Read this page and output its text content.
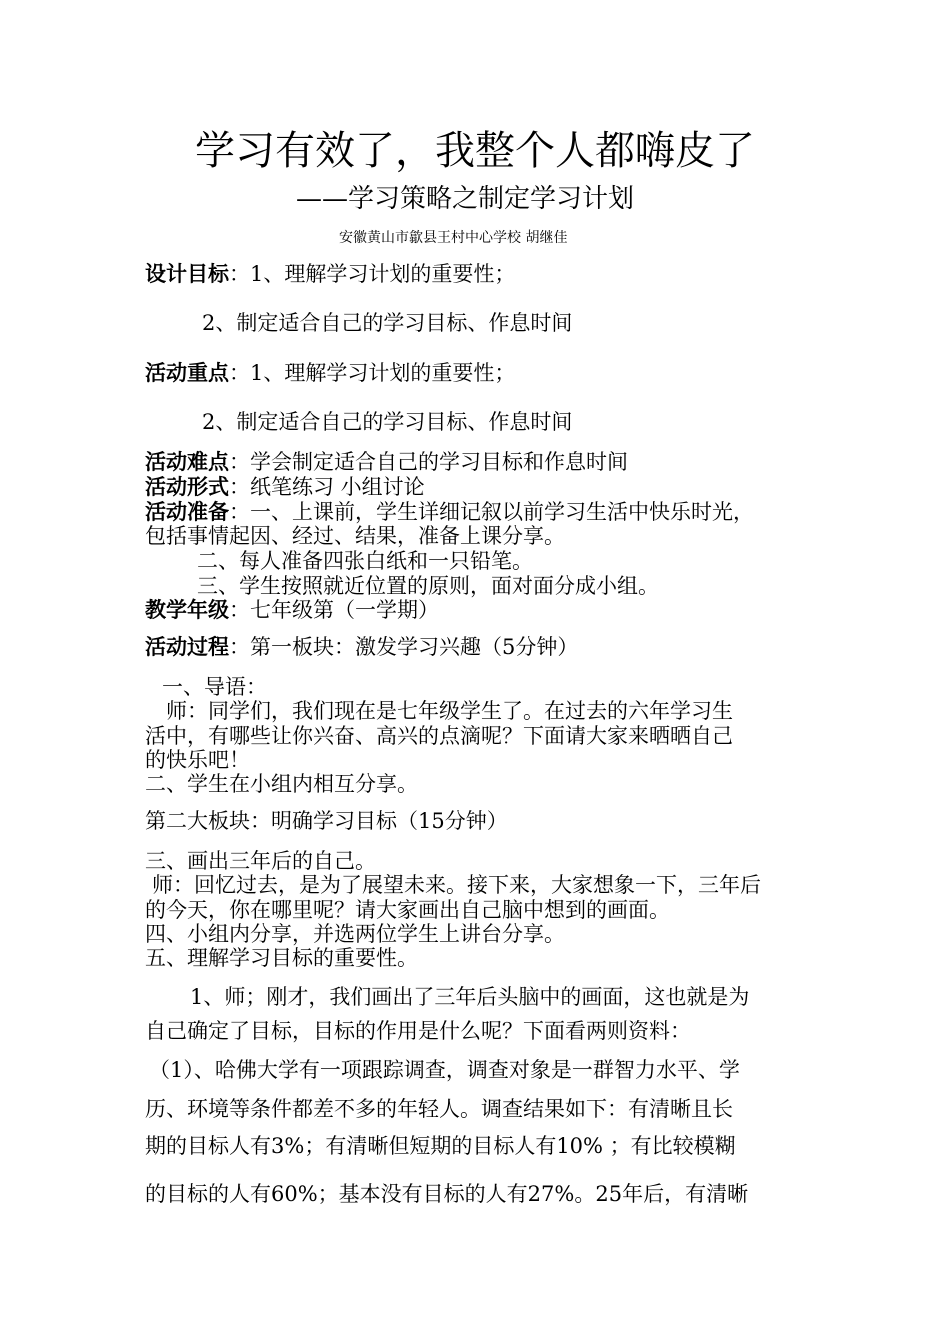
学习有效了，我整个人都嗨皮了
——学习策略之制定学习计划
安徽黄山市歙县王村中心学校 胡继佳
设计目标：1、理解学习计划的重要性；
2、制定适合自己的学习目标、作息时间
活动重点：1、理解学习计划的重要性；
2、制定适合自己的学习目标、作息时间
活动难点：学会制定适合自己的学习目标和作息时间
活动形式：纸笔练习 小组讨论
活动准备：一、上课前，学生详细记叙以前学习生活中快乐时光，
包括事情起因、经过、结果，准备上课分享。
二、每人准备四张白纸和一只铅笔。
三、学生按照就近位置的原则，面对面分成小组。
教学年级：七年级第（一学期）
活动过程：第一板块：激发学习兴趣（5分钟）
一、导语：
师：同学们，我们现在是七年级学生了。在过去的六年学习生
活中，有哪些让你兴奋、高兴的点滴呢？下面请大家来晒晒自己
的快乐吧！
二、学生在小组内相互分享。
第二大板块：明确学习目标（15分钟）
三、画出三年后的自己。
师：回忆过去，是为了展望未来。接下来，大家想象一下，三年后
的今天，你在哪里呢？请大家画出自己脑中想到的画面。
四、小组内分享，并选两位学生上讲台分享。
五、理解学习目标的重要性。
1、师；刚才，我们画出了三年后头脑中的画面，这也就是为
自己确定了目标，目标的作用是什么呢？下面看两则资料：
（1）、哈佛大学有一项跟踪调查，调查对象是一群智力水平、学
历、环境等条件都差不多的年轻人。调查结果如下：有清晰且长
期的目标人有3%；有清晰但短期的目标人有10% ；有比较模糊
的目标的人有60%；基本没有目标的人有27%。25年后，有清晰
